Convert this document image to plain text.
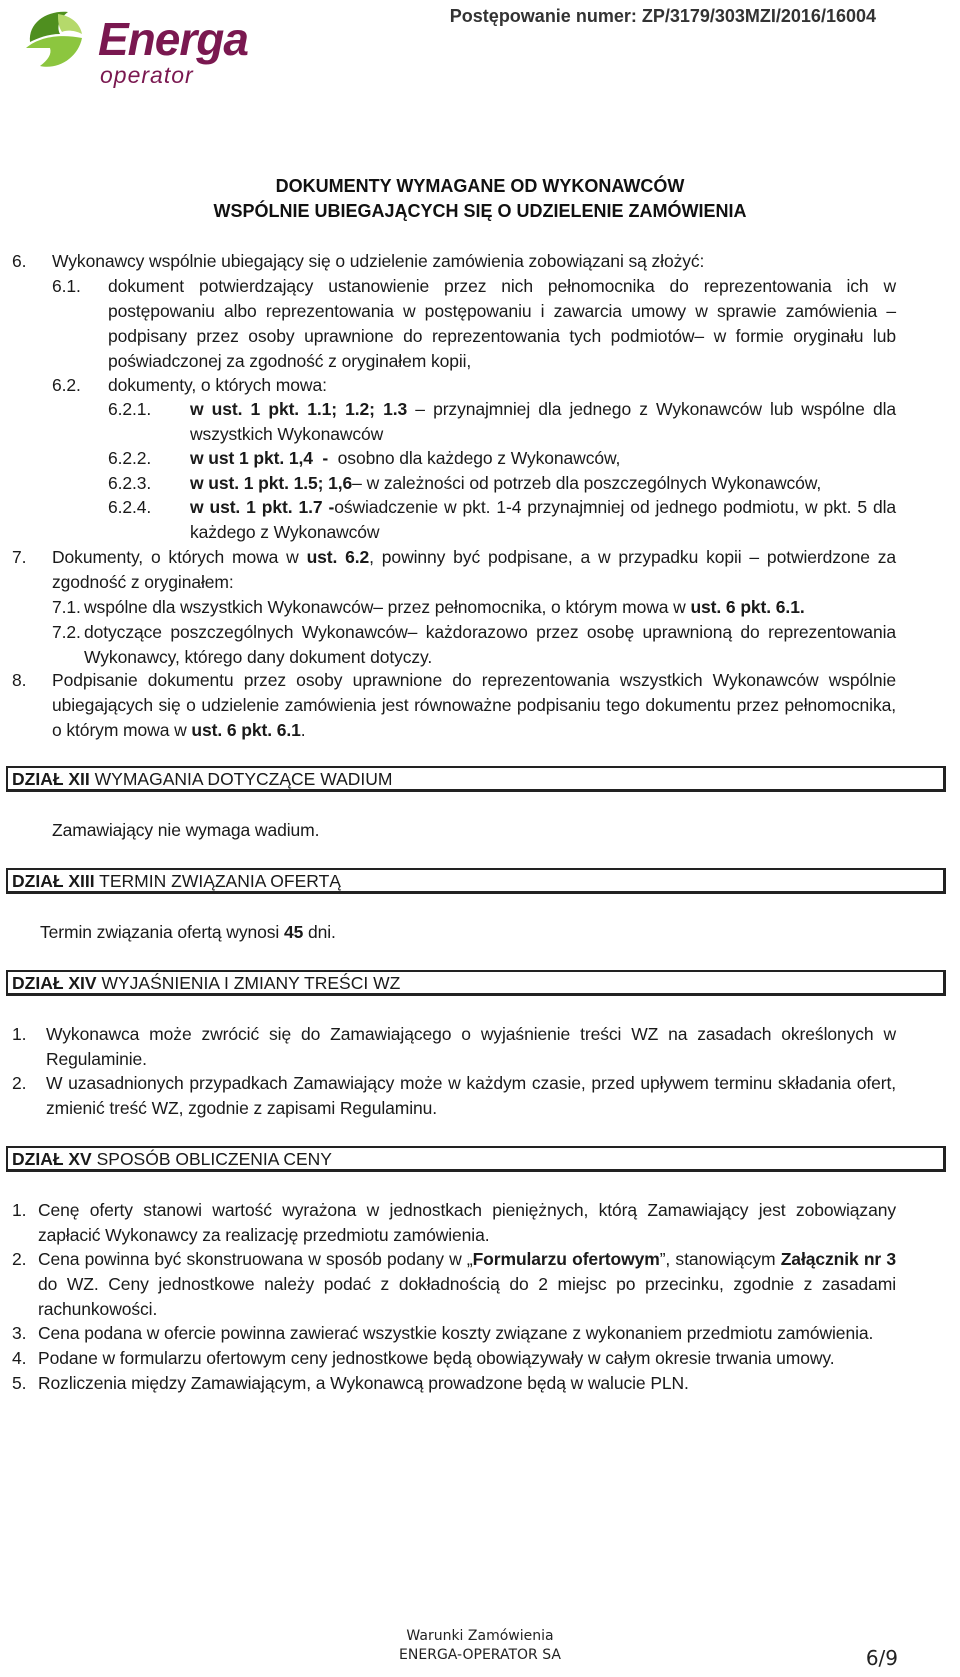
Energa
operator
Postępowanie numer: ZP/3179/303MZI/2016/16004
DOKUMENTY WYMAGANE OD WYKONAWCÓW
WSPÓLNIE UBIEGAJĄCYCH SIĘ O UDZIELENIE ZAMÓWIENIA
6. Wykonawcy wspólnie ubiegający się o udzielenie zamówienia zobowiązani są złożyć:
6.1. dokument potwierdzający ustanowienie przez nich pełnomocnika do reprezentowania ich w postępowaniu albo reprezentowania w postępowaniu i zawarcia umowy w sprawie zamówienia – podpisany przez osoby uprawnione do reprezentowania tych podmiotów– w formie oryginału lub poświadczonej za zgodność z oryginałem kopii,
6.2. dokumenty, o których mowa:
6.2.1. w ust. 1 pkt. 1.1; 1.2; 1.3 – przynajmniej dla jednego z Wykonawców lub wspólne dla wszystkich Wykonawców
6.2.2. w ust 1 pkt. 1,4  -  osobno dla każdego z Wykonawców,
6.2.3. w ust. 1 pkt. 1.5; 1,6– w zależności od potrzeb dla poszczególnych Wykonawców,
6.2.4. w ust. 1 pkt. 1.7 -oświadczenie w pkt. 1-4 przynajmniej od jednego podmiotu, w pkt. 5 dla każdego z Wykonawców
7. Dokumenty, o których mowa w ust. 6.2, powinny być podpisane, a w przypadku kopii – potwierdzone za zgodność z oryginałem:
7.1. wspólne dla wszystkich Wykonawców– przez pełnomocnika, o którym mowa w ust. 6 pkt. 6.1.
7.2. dotyczące poszczególnych Wykonawców– każdorazowo przez osobę uprawnioną do reprezentowania Wykonawcy, którego dany dokument dotyczy.
8. Podpisanie dokumentu przez osoby uprawnione do reprezentowania wszystkich Wykonawców wspólnie ubiegających się o udzielenie zamówienia jest równoważne podpisaniu tego dokumentu przez pełnomocnika, o którym mowa w ust. 6 pkt. 6.1.
DZIAŁ XII WYMAGANIA DOTYCZĄCE WADIUM
Zamawiający nie wymaga wadium.
DZIAŁ XIII TERMIN ZWIĄZANIA OFERTĄ
Termin związania ofertą wynosi 45 dni.
DZIAŁ XIV WYJAŚNIENIA I ZMIANY TREŚCI WZ
1. Wykonawca może zwrócić się do Zamawiającego o wyjaśnienie treści WZ na zasadach określonych w Regulaminie.
2. W uzasadnionych przypadkach Zamawiający może w każdym czasie, przed upływem terminu składania ofert, zmienić treść WZ, zgodnie z zapisami Regulaminu.
DZIAŁ XV SPOSÓB OBLICZENIA CENY
1. Cenę oferty stanowi wartość wyrażona w jednostkach pieniężnych, którą Zamawiający jest zobowiązany zapłacić Wykonawcy za realizację przedmiotu zamówienia.
2. Cena powinna być skonstruowana w sposób podany w „Formularzu ofertowym”, stanowiącym Załącznik nr 3 do WZ. Ceny jednostkowe należy podać z dokładnością do 2 miejsc po przecinku, zgodnie z zasadami rachunkowości.
3. Cena podana w ofercie powinna zawierać wszystkie koszty związane z wykonaniem przedmiotu zamówienia.
4. Podane w formularzu ofertowym ceny jednostkowe będą obowiązywały w całym okresie trwania umowy.
5. Rozliczenia między Zamawiającym, a Wykonawcą prowadzone będą w walucie PLN.
Warunki Zamówienia
ENERGA-OPERATOR SA	6/9
